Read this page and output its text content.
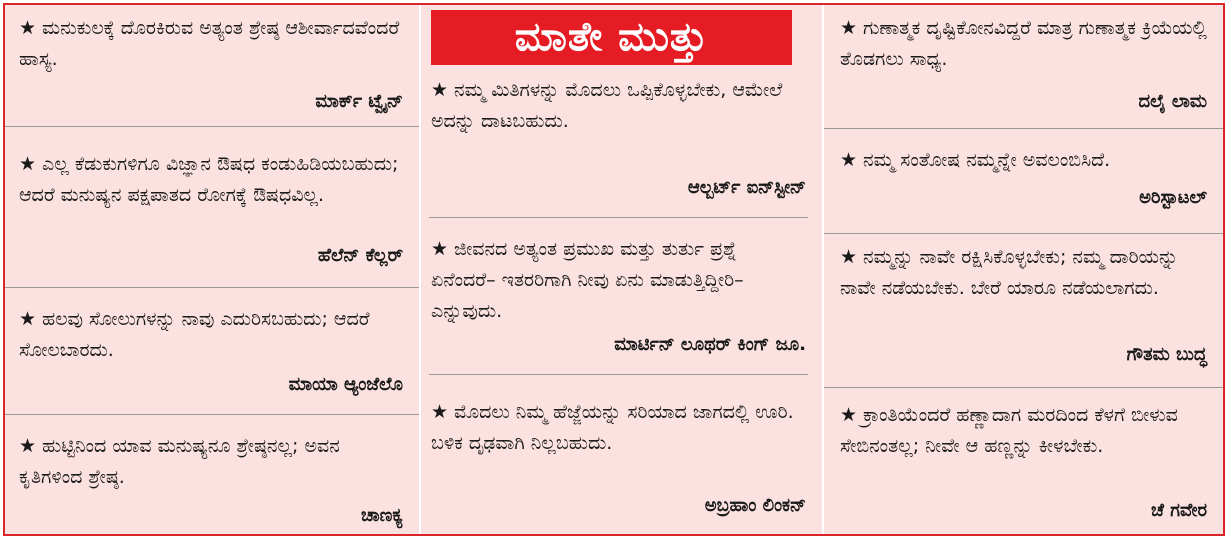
★ ಮನುಕುಲಕ್ಕೆ ದೊರಕಿರುವ ಅತ್ಯಂತ ಶ್ರೇಷ್ಠ ಆಶೀರ್ವಾದವೆಂದರೆ ಹಾಸ್ಯ.
ಮಾರ್ಕ್ ಟ್ವೈನ್
★ ಎಲ್ಲ ಕೆಡುಕುಗಳಿಗೂ ವಿಜ್ಞಾನ ಔಷಧ ಕಂಡುಹಿಡಿಯಬಹುದು; ಆದರೆ ಮನುಷ್ಯನ ಪಕ್ಷಪಾತದ ರೋಗಕ್ಕೆ ಔಷಧವಿಲ್ಲ.
ಹೆಲೆನ್ ಕೆಲ್ಲರ್
★ ಹಲವು ಸೋಲುಗಳನ್ನು ನಾವು ಎದುರಿಸಬಹುದು; ಆದರೆ ಸೋಲಬಾರದು.
ಮಾಯಾ ಆ್ಯಂಜೆಲೊ
★ ಹುಟ್ಟಿನಿಂದ ಯಾವ ಮನುಷ್ಯನೂ ಶ್ರೇಷ್ಠನಲ್ಲ; ಅವನ ಕೃತಿಗಳಿಂದ ಶ್ರೇಷ್ಠ.
ಚಾಣಕ್ಯ
ಮಾತೇ ಮುತ್ತು
★ ನಮ್ಮ ಮಿತಿಗಳನ್ನು ಮೊದಲು ಒಪ್ಪಿಕೊಳ್ಳಬೇಕು, ಆಮೇಲೆ ಅದನ್ನು ದಾಟಬಹುದು.
ಆಲ್ಬರ್ಟ್ ಐನ್‌ಸ್ಟೀನ್
★ ಜೀವನದ ಅತ್ಯಂತ ಪ್ರಮುಖ ಮತ್ತು ತುರ್ತು ಪ್ರಶ್ನೆ ಏನೆಂದರೆ– ಇತರರಿಗಾಗಿ ನೀವು ಏನು ಮಾಡುತ್ತಿದ್ದೀರಿ– ಎನ್ನುವುದು.
ಮಾರ್ಟಿನ್ ಲೂಥರ್ ಕಿಂಗ್ ಜೂ.
★ ಮೊದಲು ನಿಮ್ಮ ಹೆಜ್ಜೆಯನ್ನು ಸರಿಯಾದ ಜಾಗದಲ್ಲಿ ಊರಿ. ಬಳಿಕ ದೃಢವಾಗಿ ನಿಲ್ಲಬಹುದು.
ಅಬ್ರಹಾಂ ಲಿಂಕನ್
★ ಗುಣಾತ್ಮಕ ದೃಷ್ಟಿಕೋನವಿದ್ದರೆ ಮಾತ್ರ ಗುಣಾತ್ಮಕ ಕ್ರಿಯೆಯಲ್ಲಿ ತೊಡಗಲು ಸಾಧ್ಯ.
ದಲೈ ಲಾಮ
★ ನಮ್ಮ ಸಂತೋಷ ನಮ್ಮನ್ನೇ ಅವಲಂಬಿಸಿದೆ.
ಅರಿಸ್ಟಾಟಲ್
★ ನಮ್ಮನ್ನು ನಾವೇ ರಕ್ಷಿಸಿಕೊಳ್ಳಬೇಕು; ನಮ್ಮ ದಾರಿಯನ್ನು ನಾವೇ ನಡೆಯಬೇಕು. ಬೇರೆ ಯಾರೂ ನಡೆಯಲಾಗದು.
ಗೌತಮ ಬುದ್ಧ
★ ಕ್ರಾಂತಿಯೆಂದರೆ ಹಣ್ಣಾದಾಗ ಮರದಿಂದ ಕೆಳಗೆ ಬೀಳುವ ಸೇಬಿನಂತಲ್ಲ; ನೀವೇ ಆ ಹಣ್ಣನ್ನು ಕೀಳಬೇಕು.
ಚೆ ಗವೇರ
